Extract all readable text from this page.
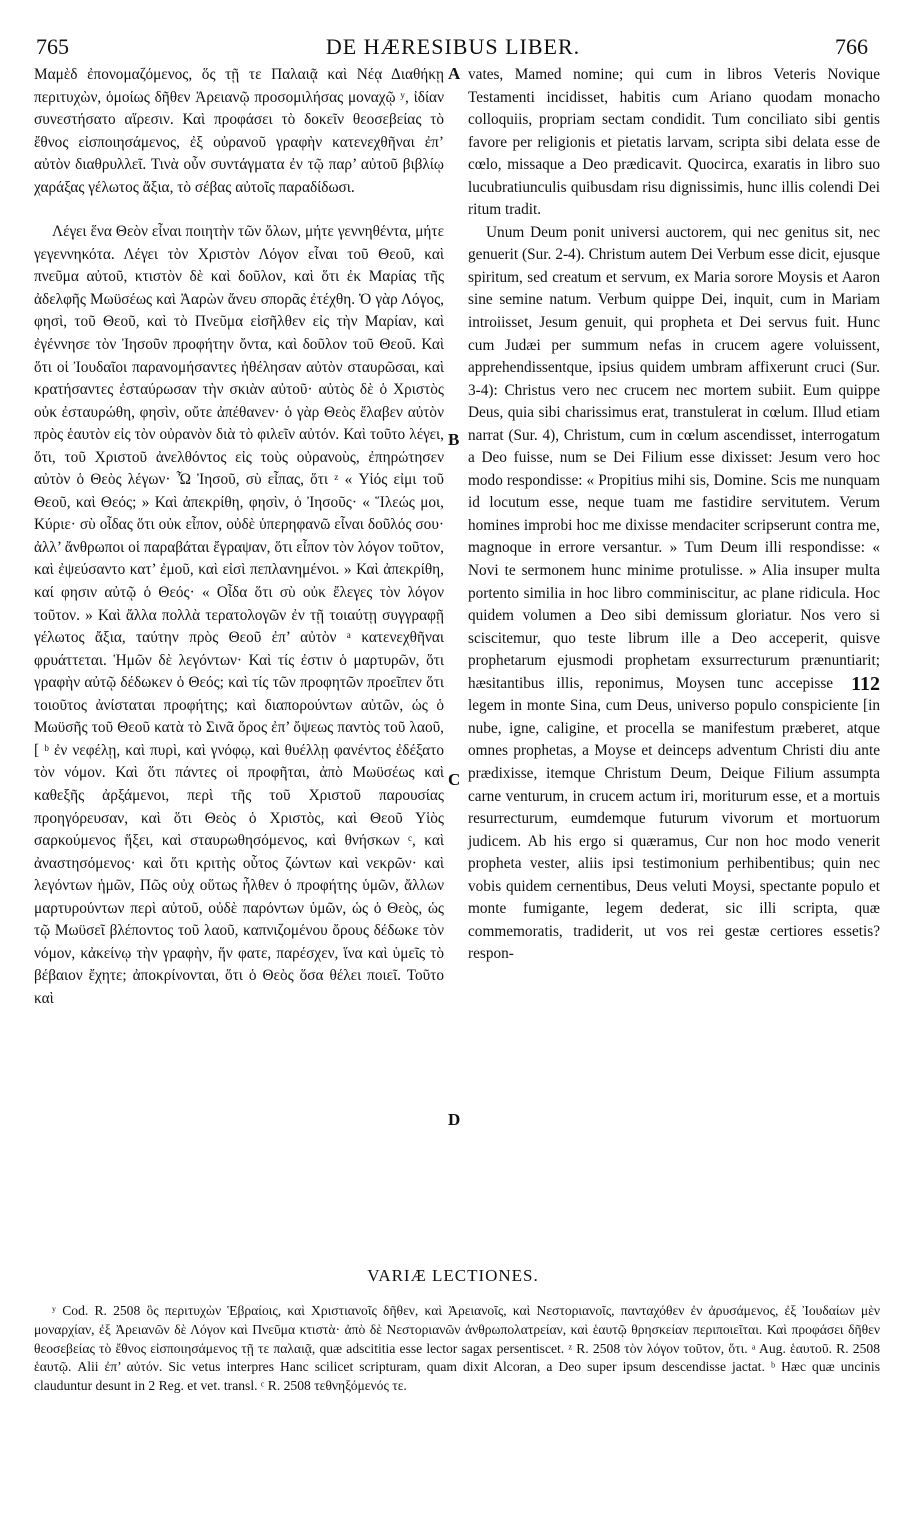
765	DE HÆRESIBUS LIBER.	766

Μαμὲδ ἐπονομαζόμενος, ὅς τῇ τε Παλαιᾷ καὶ Νέᾳ Διαθήκῃ περιτυχὼν, ὁμοίως δῆθεν Ἀρειανῷ προσομιλήσας μοναχῷ ʸ, ἰδίαν συνεστήσατο αἵρεσιν. Καὶ προφάσει τὸ δοκεῖν θεοσεβείας τὸ ἔθνος εἰσποιησάμενος, ἐξ οὐρανοῦ γραφὴν κατενεχθῆναι ἐπ’ αὐτὸν διαθρυλλεῖ. Τινὰ οὖν συντάγματα ἐν τῷ παρ’ αὐτοῦ βιβλίῳ χαράξας γέλωτος ἄξια, τὸ σέβας αὐτοῖς παραδίδωσι.

Λέγει ἕνα Θεὸν εἶναι ποιητὴν τῶν ὅλων, μήτε γεννηθέντα, μήτε γεγεννηκότα. Λέγει τὸν Χριστὸν Λόγον εἶναι τοῦ Θεοῦ, καὶ πνεῦμα αὐτοῦ, κτιστὸν δὲ καὶ δοῦλον, καὶ ὅτι ἐκ Μαρίας τῆς ἀδελφῆς Μωϋσέως καὶ Ἀαρὼν ἄνευ σπορᾶς ἐτέχθη. Ὁ γὰρ Λόγος, φησὶ, τοῦ Θεοῦ, καὶ τὸ Πνεῦμα εἰσῆλθεν εἰς τὴν Μαρίαν, καὶ ἐγέννησε τὸν Ἰησοῦν προφήτην ὄντα, καὶ δοῦλον τοῦ Θεοῦ. Καὶ ὅτι οἱ Ἰουδαῖοι παρανομήσαντες ἠθέλησαν αὐτὸν σταυρῶσαι, καὶ κρατήσαντες ἐσταύρωσαν τὴν σκιὰν αὐτοῦ· αὐτὸς δὲ ὁ Χριστὸς οὐκ ἐσταυρώθη, φησὶν, οὔτε ἀπέθανεν· ὁ γὰρ Θεὸς ἔλαβεν αὐτὸν πρὸς ἑαυτὸν εἰς τὸν οὐρανὸν διὰ τὸ φιλεῖν αὐτόν. Καὶ τοῦτο λέγει, ὅτι, τοῦ Χριστοῦ ἀνελθόντος εἰς τοὺς οὐρανοὺς, ἐπηρώτησεν αὐτὸν ὁ Θεὸς λέγων· Ὦ Ἰησοῦ, σὺ εἶπας, ὅτι ᶻ « Υἱός εἰμι τοῦ Θεοῦ, καὶ Θεός; » Καὶ ἀπεκρίθη, φησὶν, ὁ Ἰησοῦς· « Ἵλεώς μοι, Κύριε· σὺ οἶδας ὅτι οὐκ εἶπον, οὐδὲ ὑπερηφανῶ εἶναι δοῦλός σου· ἀλλ’ ἄνθρωποι οἱ παραβάται ἔγραψαν, ὅτι εἶπον τὸν λόγον τοῦτον, καὶ ἐψεύσαντο κατ’ ἐμοῦ, καὶ εἰσὶ πεπλανημένοι. » Καὶ ἀπεκρίθη, καί φησιν αὐτῷ ὁ Θεός· « Οἶδα ὅτι σὺ οὐκ ἔλεγες τὸν λόγον τοῦτον. » Καὶ ἄλλα πολλὰ τερατολογῶν ἐν τῇ τοιαύτῃ συγγραφῇ γέλωτος ἄξια, ταύτην πρὸς Θεοῦ ἐπ’ αὐτὸν ᵃ κατενεχθῆναι φρυάττεται. Ἡμῶν δὲ λεγόντων· Καὶ τίς ἐστιν ὁ μαρτυρῶν, ὅτι γραφὴν αὐτῷ δέδωκεν ὁ Θεός; καὶ τίς τῶν προφητῶν προεῖπεν ὅτι τοιοῦτος ἀνίσταται προφήτης; καὶ διαπορούντων αὐτῶν, ὡς ὁ Μωϋσῆς τοῦ Θεοῦ κατὰ τὸ Σινᾶ ὄρος ἐπ’ ὄψεως παντὸς τοῦ λαοῦ, [ ᵇ ἐν νεφέλῃ, καὶ πυρὶ, καὶ γνόφῳ, καὶ θυέλλῃ φανέντος ἐδέξατο τὸν νόμον. Καὶ ὅτι πάντες οἱ προφῆται, ἀπὸ Μωϋσέως καὶ καθεξῆς ἀρξάμενοι, περὶ τῆς τοῦ Χριστοῦ παρουσίας προηγόρευσαν, καὶ ὅτι Θεὸς ὁ Χριστὸς, καὶ Θεοῦ Υἱὸς σαρκούμενος ἥξει, καὶ σταυρωθησόμενος, καὶ θνήσκων ᶜ, καὶ ἀναστησόμενος· καὶ ὅτι κριτὴς οὗτος ζώντων καὶ νεκρῶν· καὶ λεγόντων ἡμῶν, Πῶς οὐχ οὕτως ἦλθεν ὁ προφήτης ὑμῶν, ἄλλων μαρτυρούντων περὶ αὐτοῦ, οὐδὲ παρόντων ὑμῶν, ὡς ὁ Θεὸς, ὡς τῷ Μωϋσεῖ βλέποντος τοῦ λαοῦ, καπνιζομένου ὄρους δέδωκε τὸν νόμον, κἀκείνῳ τὴν γραφὴν, ἥν φατε, παρέσχεν, ἵνα καὶ ὑμεῖς τὸ βέβαιον ἔχητε; ἀποκρίνονται, ὅτι ὁ Θεὸς ὅσα θέλει ποιεῖ. Τοῦτο καὶ

A
B
C
D

vates, Mamed nomine; qui cum in libros Veteris Novique Testamenti incidisset, habitis cum Ariano quodam monacho colloquiis, propriam sectam condidit. Tum conciliato sibi gentis favore per religionis et pietatis larvam, scripta sibi delata esse de cœlo, missaque a Deo prædicavit. Quocirca, exaratis in libro suo lucubratiunculis quibusdam risu dignissimis, hunc illis colendi Dei ritum tradit.

Unum Deum ponit universi auctorem, qui nec genitus sit, nec genuerit (Sur. 2-4). Christum autem Dei Verbum esse dicit, ejusque spiritum, sed creatum et servum, ex Maria sorore Moysis et Aaron sine semine natum. Verbum quippe Dei, inquit, cum in Mariam introiisset, Jesum genuit, qui propheta et Dei servus fuit. Hunc cum Judæi per summum nefas in crucem agere voluissent, apprehendissentque, ipsius quidem umbram affixerunt cruci (Sur. 3-4): Christus vero nec crucem nec mortem subiit. Eum quippe Deus, quia sibi charissimus erat, transtulerat in cœlum. Illud etiam narrat (Sur. 4), Christum, cum in cœlum ascendisset, interrogatum a Deo fuisse, num se Dei Filium esse dixisset: Jesum vero hoc modo respondisse: « Propitius mihi sis, Domine. Scis me nunquam id locutum esse, neque tuam me fastidire servitutem. Verum homines improbi hoc me dixisse mendaciter scripserunt contra me, magnoque in errore versantur. » Tum Deum illi respondisse: « Novi te sermonem hunc minime protulisse. » Alia insuper multa portento similia in hoc libro comminiscitur, ac plane ridicula. Hoc quidem volumen a Deo sibi demissum gloriatur. Nos vero si sciscitemur, quo teste librum ille a Deo acceperit, quisve prophetarum ejusmodi prophetam exsurrecturum prænuntiarit; hæsitantibus illis,	112
reponimus, Moysen tunc accepisse legem in monte Sina, cum Deus, universo populo conspiciente [in nube, igne, caligine, et procella se manifestum præberet, atque omnes prophetas, a Moyse et deinceps adventum Christi diu ante prædixisse, itemque Christum Deum, Deique Filium assumpta carne venturum, in crucem actum iri, moriturum esse, et a mortuis resurrecturum, eumdemque futurum vivorum et mortuorum judicem. Ab his ergo si quæramus, Cur non hoc modo venerit propheta vester, aliis ipsi testimonium perhibentibus; quin nec vobis quidem cernentibus, Deus veluti Moysi, spectante populo et monte fumigante, legem dederat, sic illi scripta, quæ commemoratis, tradiderit, ut vos rei gestæ certiores essetis? respon-

VARIÆ LECTIONES.

ʸ Cod. R. 2508 ὃς περιτυχὼν Ἑβραίοις, καὶ Χριστιανοῖς δῆθεν, καὶ Ἀρειανοῖς, καὶ Νεστοριανοῖς, πανταχόθεν ἐν ἀρυσάμενος, ἐξ Ἰουδαίων μὲν μοναρχίαν, ἐξ Ἀρειανῶν δὲ Λόγον καὶ Πνεῦμα κτιστὰ· ἀπὸ δὲ Νεστοριανῶν ἀνθρωπολατρείαν, καὶ ἑαυτῷ θρησκείαν περιποιεῖται. Καὶ προφάσει δῆθεν θεοσεβείας τὸ ἔθνος εἰσποιησάμενος τῇ τε παλαιᾷ, quæ adscititia esse lector sagax persentiscet. ᶻ R. 2508 τὸν λόγον τοῦτον, ὅτι. ᵃ Aug. ἑαυτοῦ. R. 2508 ἑαυτῷ. Alii ἐπ’ αὐτόν. Sic vetus interpres Hanc scilicet scripturam, quam dixit Alcoran, a Deo super ipsum descendisse jactat. ᵇ Hæc quæ uncinis clauduntur desunt in 2 Reg. et vet. transl. ᶜ R. 2508 τεθνηξόμενός τε.
